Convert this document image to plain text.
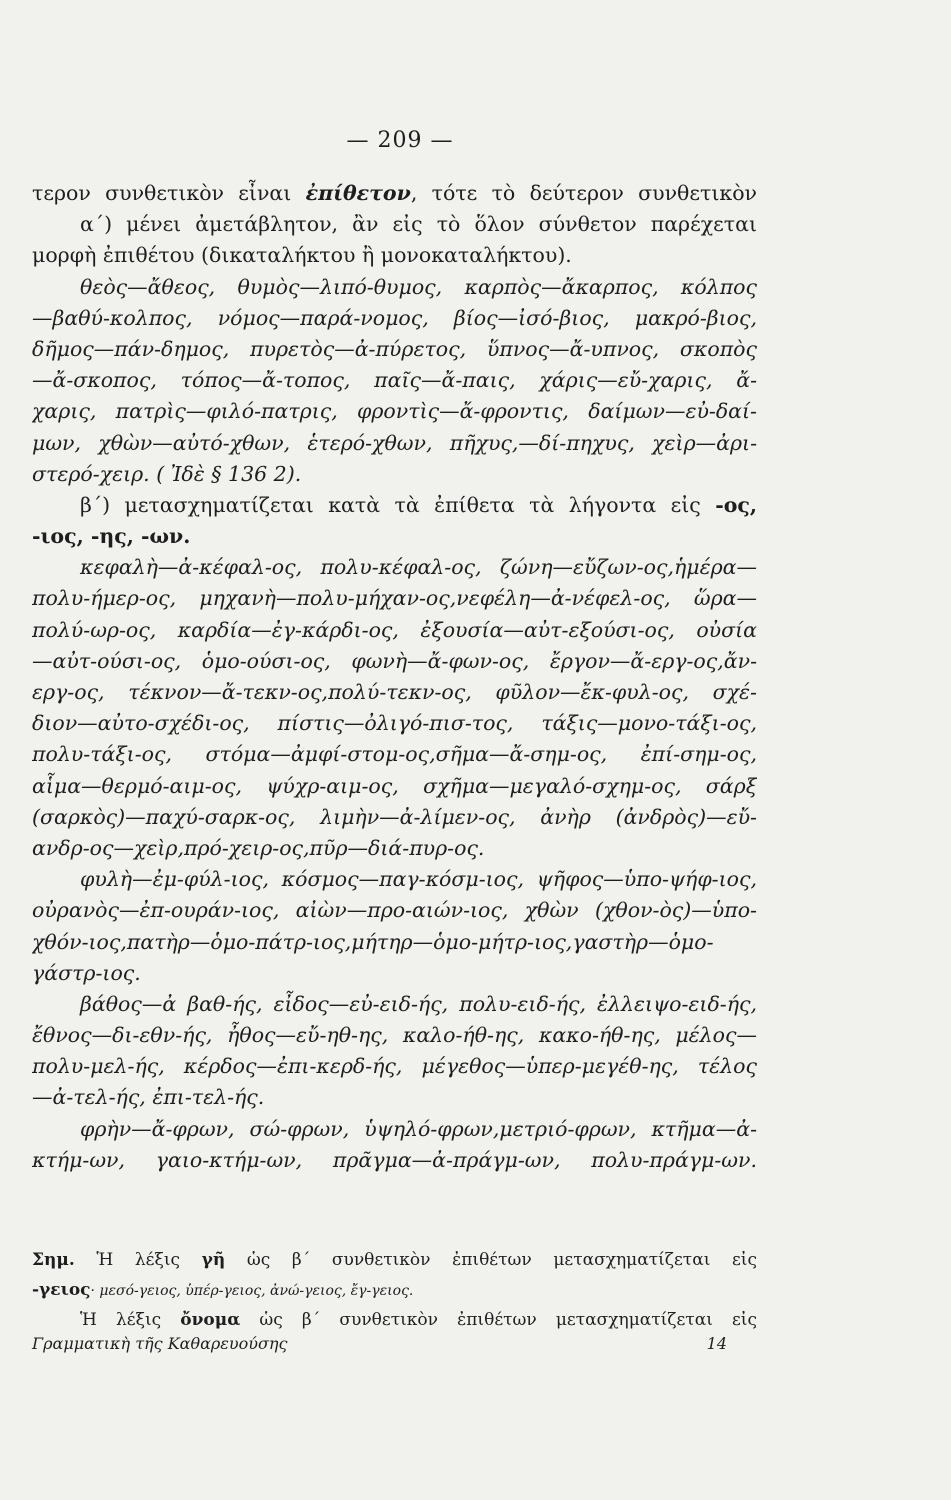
— 209 —
τερον συνθετικὸν εἶναι ἐπίθετον, τότε τὸ δεύτερον συνθετικὸν
α΄) μένει ἀμετάβλητον, ἂν εἰς τὸ ὅλον σύνθετον παρέχεται
μορφὴ ἐπιθέτου (δικαταλήκτου ἢ μονοκαταλήκτου).
θεὸς—ἄθεος, θυμὸς—λιπό-θυμος, καρπὸς—ἄκαρπος, κόλπος
—βαθύ-κολπος, νόμος—παρά-νομος, βίος—ἰσό-βιος, μακρό-βιος,
δῆμος—πάν-δημος, πυρετὸς—ἀ-πύρετος, ὕπνος—ἄ-υπνος, σκοπὸς
—ἄ-σκοπος, τόπος—ἄ-τοπος, παῖς—ἄ-παις, χάρις—εὔ-χαρις, ἄ-
χαρις, πατρὶς—φιλό-πατρις, φροντὶς—ἄ-φροντις, δαίμων—εὐ-δαί-
μων, χθὼν—αὐτό-χθων, ἑτερό-χθων, πῆχυς,—δί-πηχυς, χεὶρ—ἀρι-
στερό-χειρ. ( Ἰδὲ § 136 2).
β΄) μετασχηματίζεται κατὰ τὰ ἐπίθετα τὰ λήγοντα εἰς -ος,
-ιος, -ης, -ων.
κεφαλὴ—ἀ-κέφαλ-ος, πολυ-κέφαλ-ος, ζώνη—εὔζων-ος,ἡμέρα—
πολυ-ήμερ-ος, μηχανὴ—πολυ-μήχαν-ος,νεφέλη—ἀ-νέφελ-ος, ὥρα—
πολύ-ωρ-ος, καρδία—ἐγ-κάρδι-ος, ἐξουσία—αὐτ-εξούσι-ος, οὐσία
—αὐτ-ούσι-ος, ὁμο-ούσι-ος, φωνὴ—ἄ-φων-ος, ἔργον—ἄ-εργ-ος,ἄν-
εργ-ος, τέκνον—ἄ-τεκν-ος,πολύ-τεκν-ος, φῦλον—ἔκ-φυλ-ος, σχέ-
διον—αὐτο-σχέδι-ος, πίστις—ὀλιγό-πισ-τος, τάξις—μονο-τάξι-ος,
πολυ-τάξι-ος, στόμα—ἀμφί-στομ-ος,σῆμα—ἄ-σημ-ος, ἐπί-σημ-ος,
αἷμα—θερμό-αιμ-ος, ψύχρ-αιμ-ος, σχῆμα—μεγαλό-σχημ-ος, σάρξ
(σαρκὸς)—παχύ-σαρκ-ος, λιμὴν—ἀ-λίμεν-ος, ἀνὴρ (ἀνδρὸς)—εὔ-
ανδρ-ος—χεὶρ,πρό-χειρ-ος,πῦρ—διά-πυρ-ος.
φυλὴ—ἐμ-φύλ-ιος, κόσμος—παγ-κόσμ-ιος, ψῆφος—ὑπο-ψήφ-ιος,
οὐρανὸς—ἐπ-ουράν-ιος, αἰὼν—προ-αιών-ιος, χθὼν (χθον-ὸς)—ὑπο-
χθόν-ιος,πατὴρ—ὁμο-πάτρ-ιος,μήτηρ—ὁμο-μήτρ-ιος,γαστὴρ—ὁμο-
γάστρ-ιος.
βάθος—ἀ βαθ-ής, εἶδος—εὐ-ειδ-ής, πολυ-ειδ-ής, ἐλλειψο-ειδ-ής,
ἔθνος—δι-εθν-ής, ἦθος—εὔ-ηθ-ης, καλο-ήθ-ης, κακο-ήθ-ης, μέλος—
πολυ-μελ-ής, κέρδος—ἐπι-κερδ-ής, μέγεθος—ὑπερ-μεγέθ-ης, τέλος
—ἀ-τελ-ής, ἐπι-τελ-ής.
φρὴν—ἄ-φρων, σώ-φρων, ὑψηλό-φρων,μετριό-φρων, κτῆμα—ἀ-
κτήμ-ων, γαιο-κτήμ-ων, πρᾶγμα—ἀ-πράγμ-ων, πολυ-πράγμ-ων.
Σημ. Ἡ λέξις γῆ ὡς β΄ συνθετικὸν ἐπιθέτων μετασχηματίζεται εἰς
-γειος· μεσό-γειος, ὑπέρ-γειος, ἀνώ-γειος, ἔγ-γειος.
Ἡ λέξις ὄνομα ὡς β΄ συνθετικὸν ἐπιθέτων μετασχηματίζεται εἰς
Γραμματικὴ τῆς Καθαρευούσης	14
